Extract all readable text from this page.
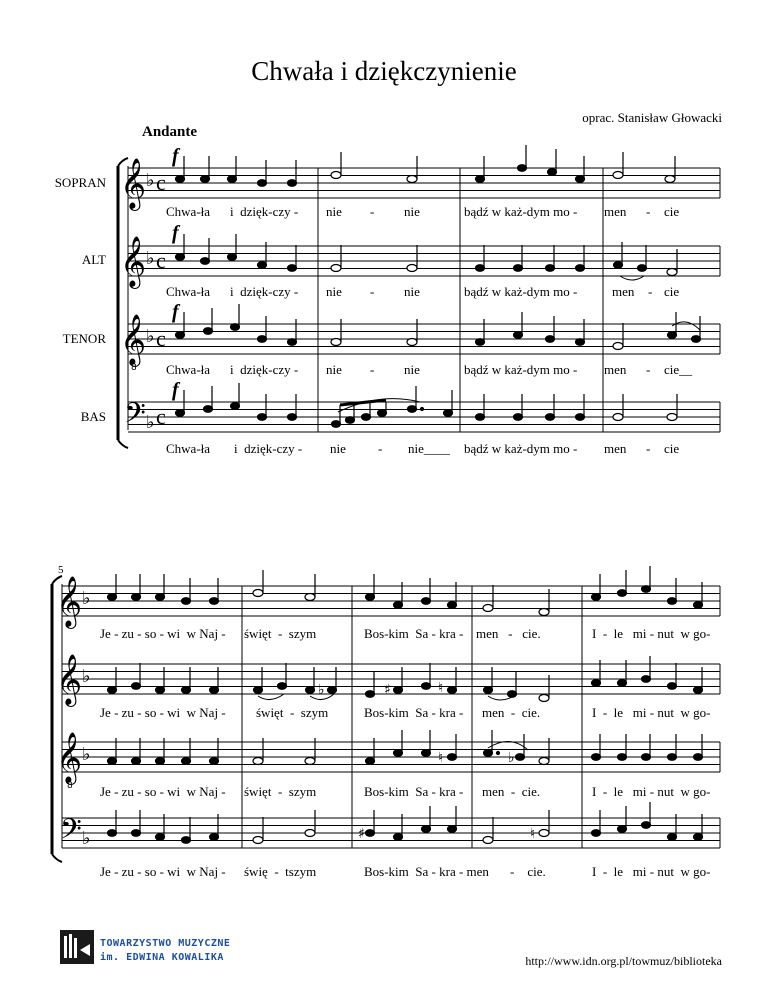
Chwała i dziękczynienie
oprac. Stanisław Głowacki
Andante
SOPRAN
ALT
TENOR
BAS
f
f
f
f
5
Chwa-ła i  dzięk-czy - nie - nie	bądź w każ-dym mo - men - cie
Chwa-ła i  dzięk-czy - nie - nie	bądź w każ-dym mo -	men - cie
Chwa-ła i  dzięk-czy - nie - nie	bądź w każ-dym mo - men - cie__
Chwa-ła i  dzięk-czy - nie - nie____ bądź w każ-dym mo - men - cie
Je - zu - so - wi  w Naj - święt  -  szym	Bos-kim  Sa - kra - men   -   cie.	I  -  le   mi - nut  w go-
Je - zu - so - wi  w Naj - święt  -  szym	Bos-kim  Sa - kra - men  -  cie.	I  -  le   mi - nut  w go-
Je - zu - so - wi  w Naj - święt  -  szym	Bos-kim  Sa - kra - men  -  cie.	I  -  le   mi - nut  w go-
Je - zu - so - wi  w Naj - świę  -  tszym	Bos-kim  Sa - kra - men -    cie.	I  -  le   mi - nut  w go-
𝄞
𝄞
𝄞
8
𝄢
♭
♭
♭
♭
c
c
c
c
𝄞
𝄞
𝄞
8
𝄢
♭
♭
♭
♭
♭	♯	♮
♮	♭
♮
♯
TOWARZYSTWO MUZYCZNE
im. EDWINA KOWALIKA	http://www.idn.org.pl/towmuz/biblioteka
